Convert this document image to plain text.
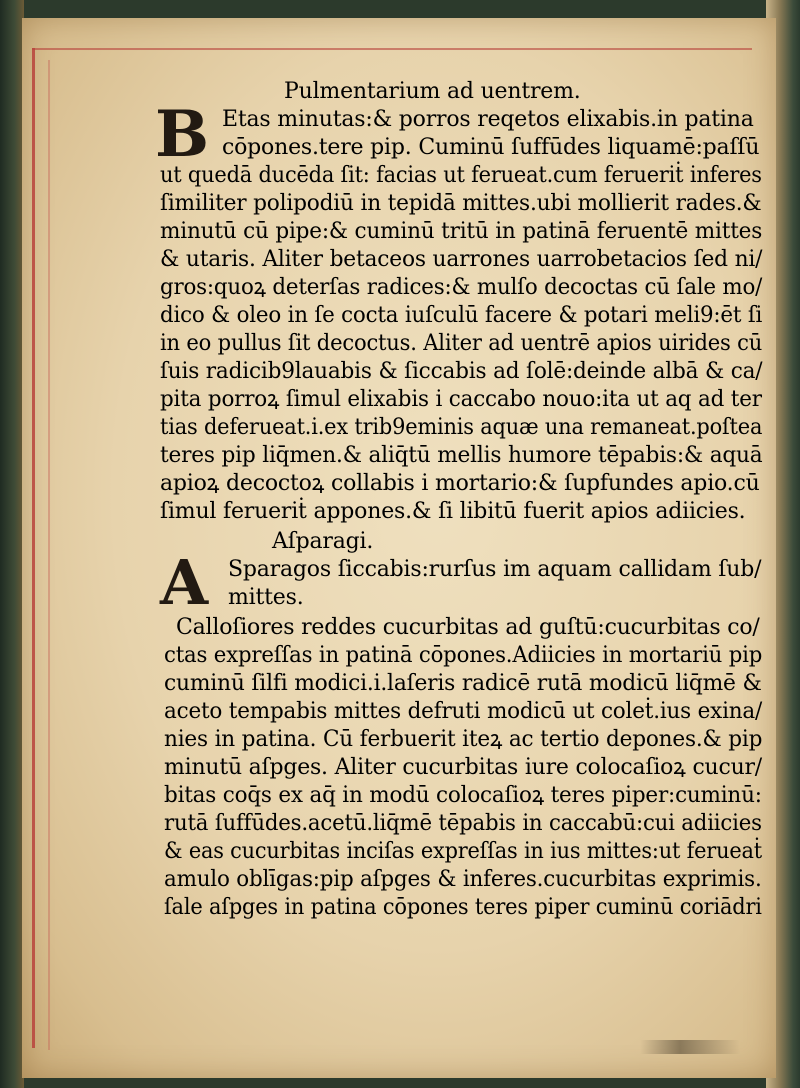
B
A
Pulmentarium ad uentrem.
Etas minutas:& porros reqetos elixabis.in patina
cōpones.tere pip. Cuminū ſuffūdes liquamē:paſſū
ut quedā ducēda ſit: facias ut ferueat.cum ferueriṫ inferes
ſimiliter polipodiū in tepidā mittes.ubi mollierit rades.&
minutū cū pipe:& cuminū tritū in patinā feruentē mittes
& utaris. Aliter betaceos uarrones uarrobetacios ſed ni/
gros:quoꝝ deterſas radices:& mulſo decoctas cū ſale mo/
dico & oleo in ſe cocta iuſculū facere & potari meli9:ēt ſi
in eo pullus ſit decoctus. Aliter ad uentrē apios uirides cū
ſuis radicib9lauabis & ſiccabis ad ſolē:deinde albā & ca/
pita porroꝝ ſimul elixabis i caccabo nouo:ita ut aq ad ter
tias deferueat.i.ex trib9eminis aquæ una remaneat.poſtea
teres pip liq̄men.& aliq̄tū mellis humore tēpabis:& aquā
apioꝝ decoctoꝝ collabis i mortario:& ſupfundes apio.cū
ſimul ferueriṫ appones.& ſi libitū fuerit apios adiicies.
Aſparagi.
Sparagos ſiccabis:rurſus im aquam callidam ſub/
mittes.
Calloſiores reddes cucurbitas ad guſtū:cucurbitas co/
ctas expreſſas in patinā cōpones.Adiicies in mortariū pip
cuminū ſilfi modici.i.laſeris radicē rutā modicū liq̄mē &
aceto tempabis mittes defruti modicū ut coleṫ.ius exina/
nies in patina. Cū ferbuerit iteꝝ ac tertio depones.& pip
minutū aſpges. Aliter cucurbitas iure colocaſioꝝ cucur/
bitas coq̄s ex aq̄ in modū colocaſioꝝ teres piper:cuminū:
rutā ſuffūdes.acetū.liq̄mē tēpabis in caccabū:cui adiicies
& eas cucurbitas inciſas expreſſas in ius mittes:ut ferueaṫ
amulo oblīgas:pip aſpges & inferes.cucurbitas exprimis.
ſale aſpges in patina cōpones teres piper cuminū coriādri
